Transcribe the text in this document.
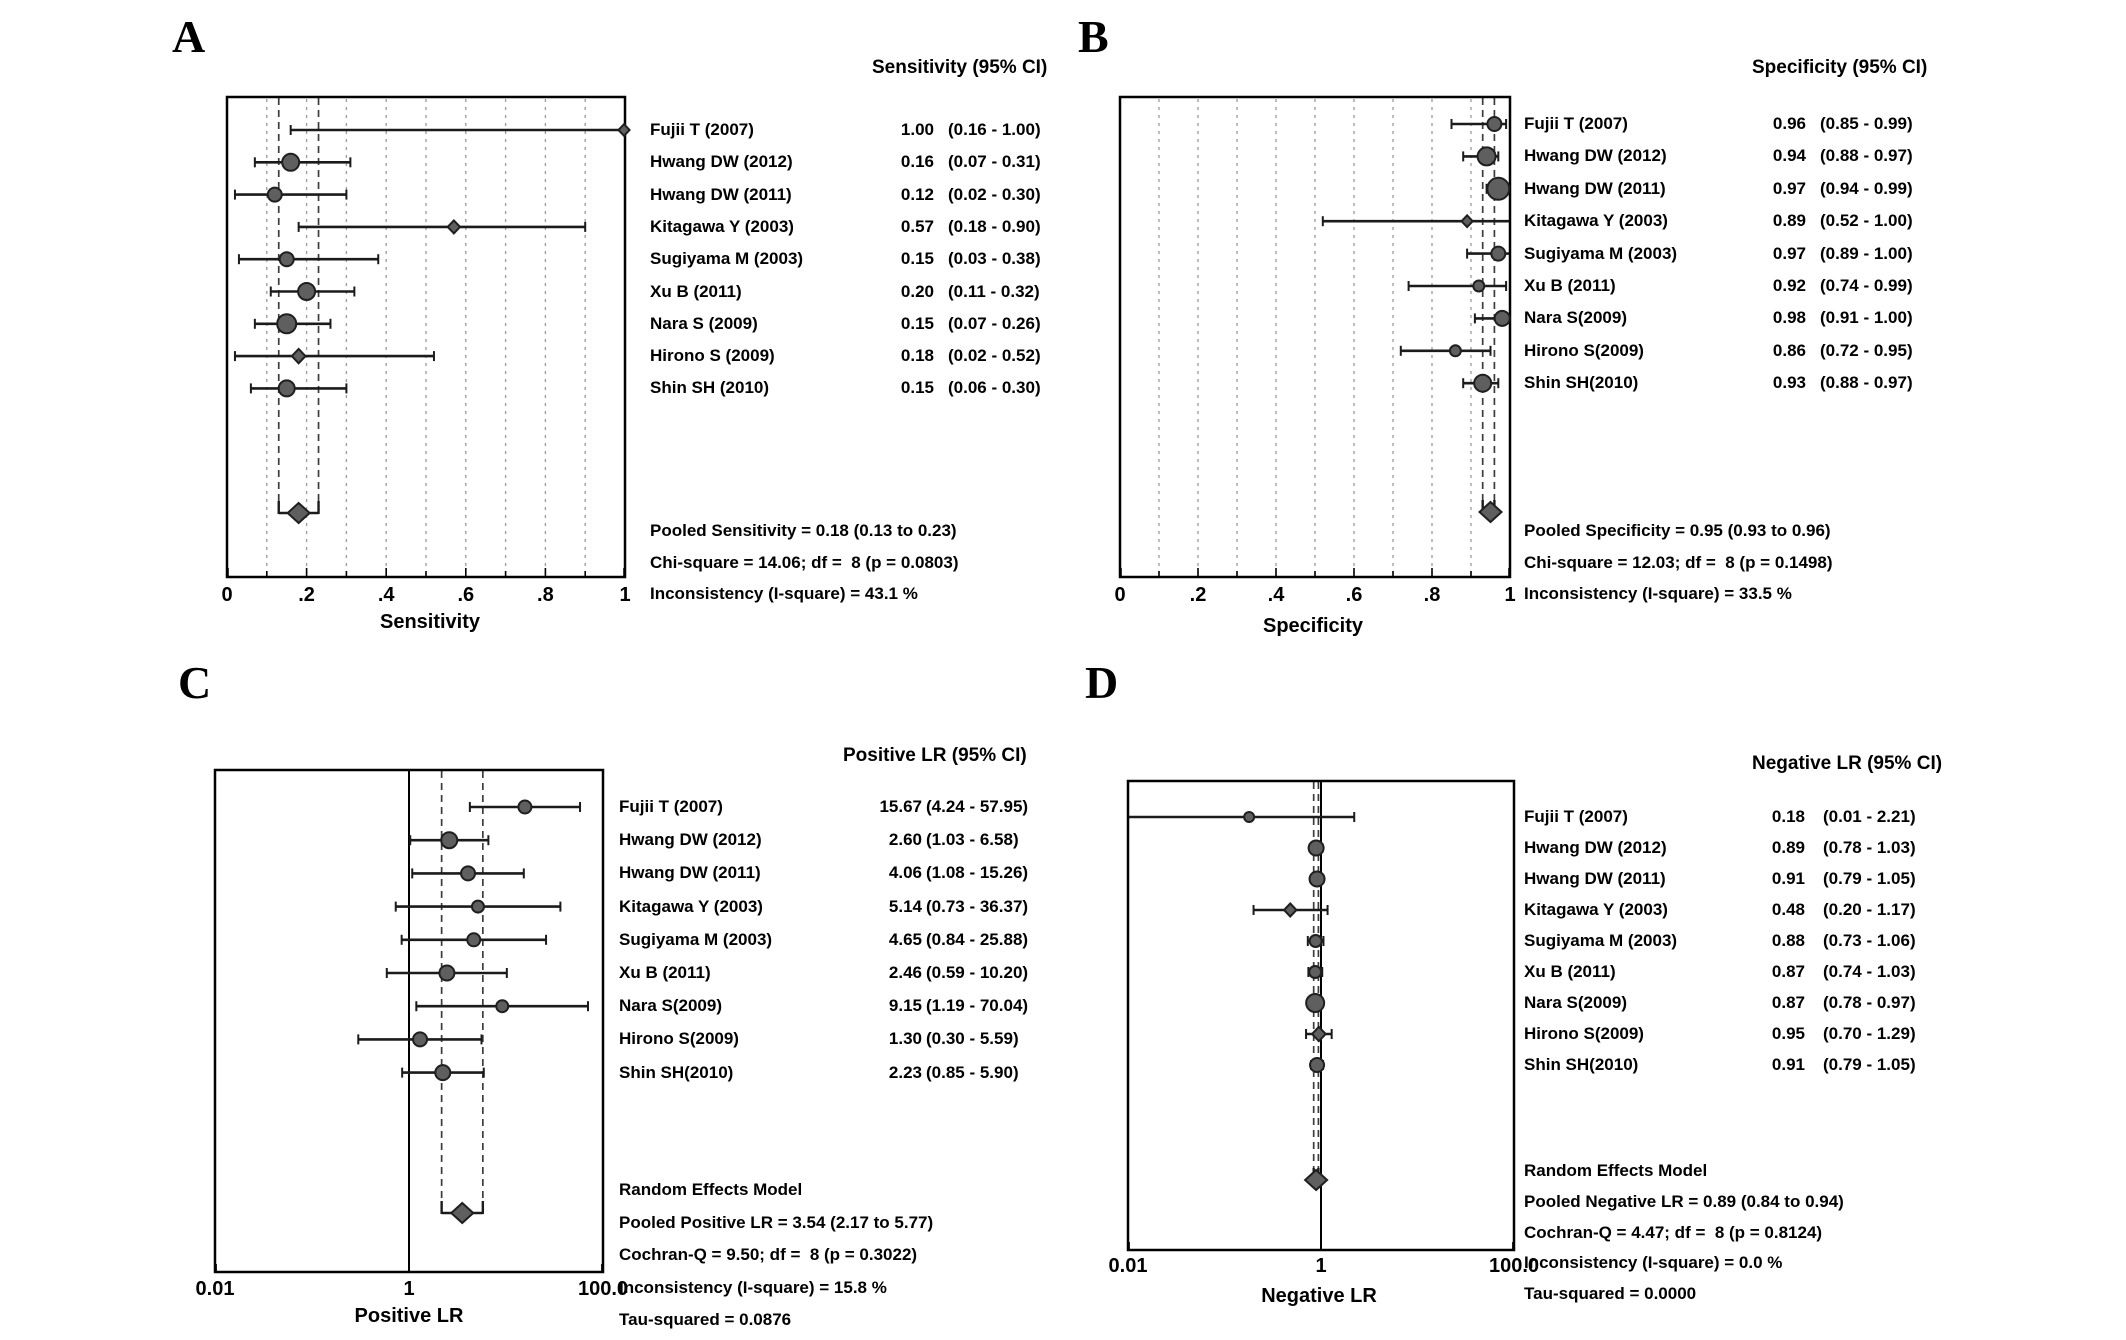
A	B
C	D
Sensitivity (95% CI)	Specificity (95% CI)
Positive LR (95% CI)	Negative LR (95% CI)
Sensitivity	Specificity
Positive LR
Negative LR
Fujii T (2007)	1.00 (0.16 - 1.00)
Hwang DW (2012)	0.16 (0.07 - 0.31)
Hwang DW (2011)	0.12 (0.02 - 0.30)
Kitagawa Y (2003)	0.57 (0.18 - 0.90)
Sugiyama M (2003)	0.15 (0.03 - 0.38)
Xu B (2011)	0.20 (0.11 - 0.32)
Nara S (2009)	0.15 (0.07 - 0.26)
Hirono S (2009)	0.18 (0.02 - 0.52)
Shin SH (2010)	0.15 (0.06 - 0.30)
0	.2	.4	.6	.8	1
Pooled Sensitivity = 0.18 (0.13 to 0.23)
Chi-square = 14.06; df =  8 (p = 0.0803)
Inconsistency (I-square) = 43.1 %
Fujii T (2007)	0.96 (0.85 - 0.99)
Hwang DW (2012)	0.94 (0.88 - 0.97)
Hwang DW (2011)	0.97 (0.94 - 0.99)
Kitagawa Y (2003)	0.89 (0.52 - 1.00)
Sugiyama M (2003)	0.97 (0.89 - 1.00)
Xu B (2011)	0.92 (0.74 - 0.99)
Nara S(2009)	0.98 (0.91 - 1.00)
Hirono S(2009)	0.86 (0.72 - 0.95)
Shin SH(2010)	0.93 (0.88 - 0.97)
0	.2	.4	.6	.8	1
Pooled Specificity = 0.95 (0.93 to 0.96)
Chi-square = 12.03; df =  8 (p = 0.1498)
Inconsistency (I-square) = 33.5 %
Fujii T (2007)	15.67 (4.24 - 57.95)
Hwang DW (2012)	2.60 (1.03 - 6.58)
Hwang DW (2011)	4.06 (1.08 - 15.26)
Kitagawa Y (2003)	5.14 (0.73 - 36.37)
Sugiyama M (2003)	4.65 (0.84 - 25.88)
Xu B (2011)	2.46 (0.59 - 10.20)
Nara S(2009)	9.15 (1.19 - 70.04)
Hirono S(2009)	1.30 (0.30 - 5.59)
Shin SH(2010)	2.23 (0.85 - 5.90)
0.01	1	100.0
Random Effects Model
Pooled Positive LR = 3.54 (2.17 to 5.77)
Cochran-Q = 9.50; df =  8 (p = 0.3022)
Inconsistency (I-square) = 15.8 %
Tau-squared = 0.0876
Fujii T (2007)	0.18 (0.01 - 2.21)
Hwang DW (2012)	0.89 (0.78 - 1.03)
Hwang DW (2011)	0.91 (0.79 - 1.05)
Kitagawa Y (2003)	0.48 (0.20 - 1.17)
Sugiyama M (2003)	0.88 (0.73 - 1.06)
Xu B (2011)	0.87 (0.74 - 1.03)
Nara S(2009)	0.87 (0.78 - 0.97)
Hirono S(2009)	0.95 (0.70 - 1.29)
Shin SH(2010)	0.91 (0.79 - 1.05)
0.01	1	100.0
Random Effects Model
Pooled Negative LR = 0.89 (0.84 to 0.94)
Cochran-Q = 4.47; df =  8 (p = 0.8124)
Inconsistency (I-square) = 0.0 %
Tau-squared = 0.0000
